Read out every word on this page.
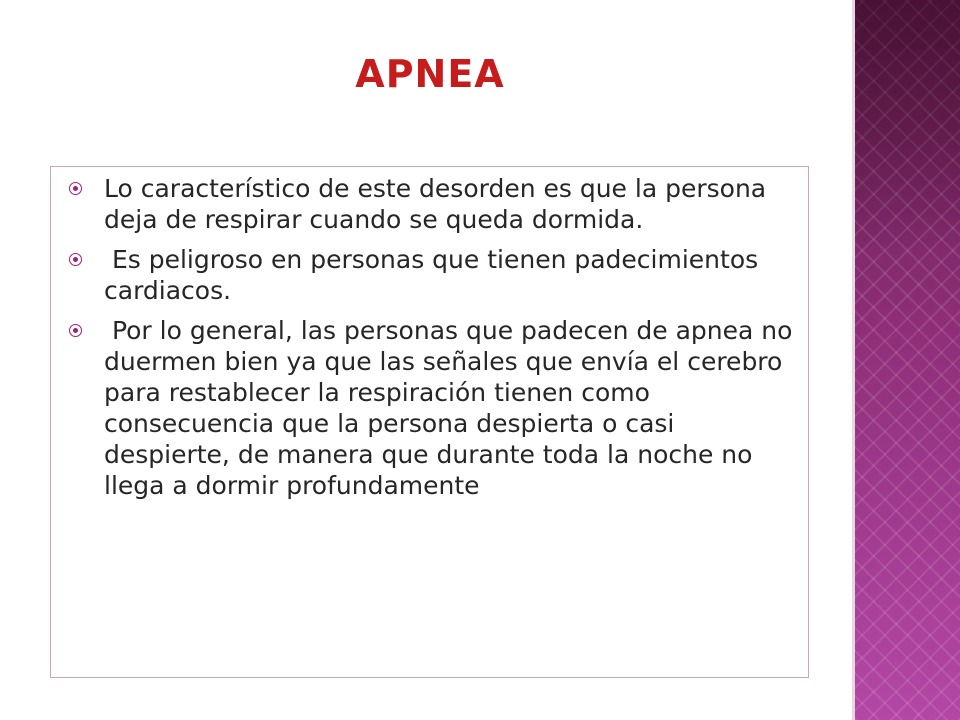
APNEA
Lo característico de este desorden es que la persona  deja de respirar cuando se queda dormida.
Es peligroso en personas que tienen padecimientos  cardiacos.
Por lo general, las personas que padecen de apnea no duermen bien ya que las señales que envía el cerebro para restablecer la respiración tienen como consecuencia que la persona despierta o casi despierte, de manera que durante toda la noche no llega a dormir profundamente
